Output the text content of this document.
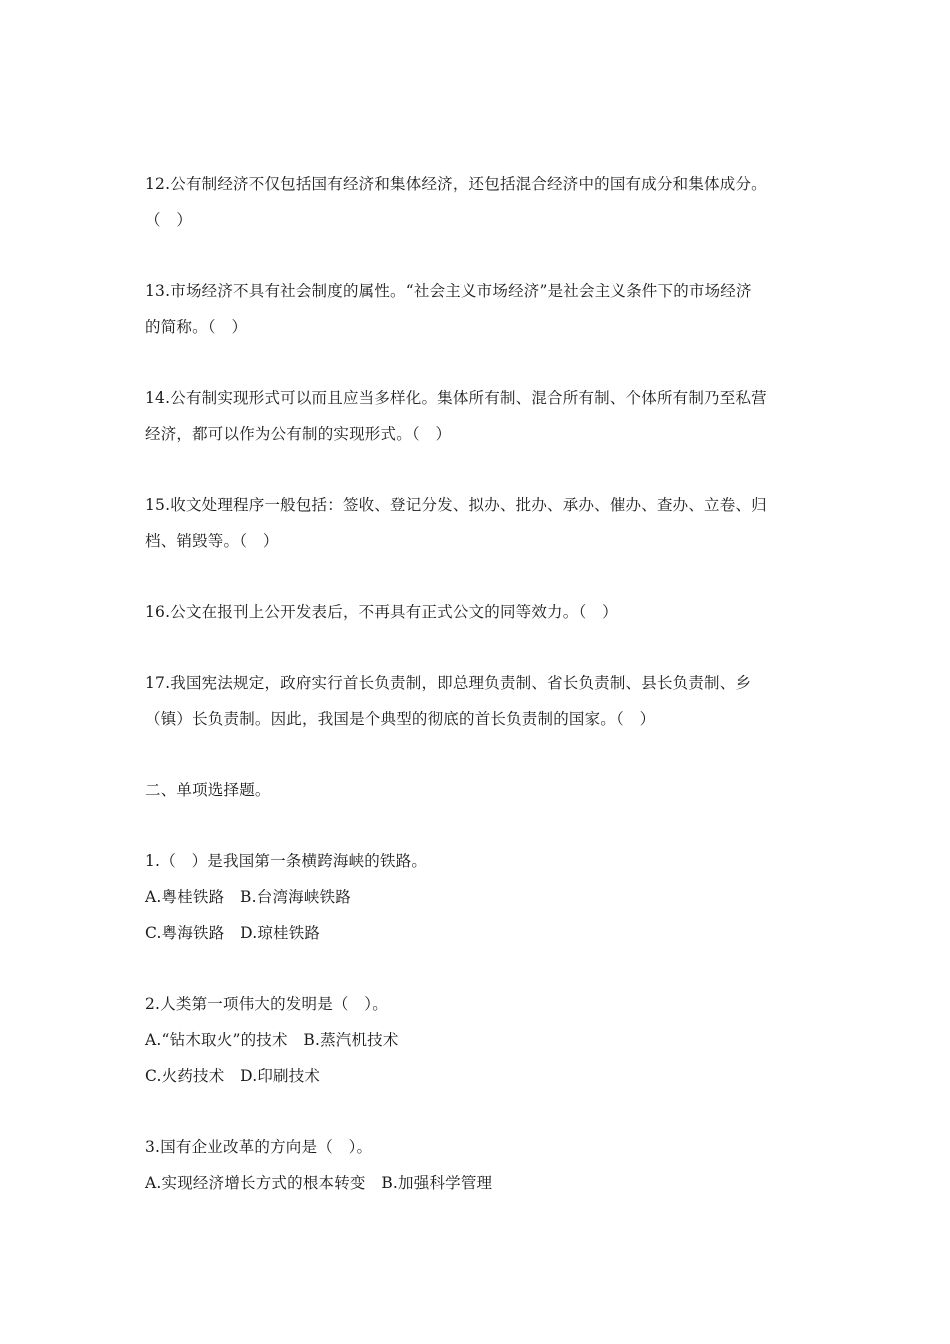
12.公有制经济不仅包括国有经济和集体经济，还包括混合经济中的国有成分和集体成分。
（　）
13.市场经济不具有社会制度的属性。“社会主义市场经济”是社会主义条件下的市场经济
的简称。（　）
14.公有制实现形式可以而且应当多样化。集体所有制、混合所有制、个体所有制乃至私营
经济，都可以作为公有制的实现形式。（　）
15.收文处理程序一般包括：签收、登记分发、拟办、批办、承办、催办、查办、立卷、归
档、销毁等。（　）
16.公文在报刊上公开发表后，不再具有正式公文的同等效力。（　）
17.我国宪法规定，政府实行首长负责制，即总理负责制、省长负责制、县长负责制、乡
（镇）长负责制。因此，我国是个典型的彻底的首长负责制的国家。（　）
二、单项选择题。
1.（　）是我国第一条横跨海峡的铁路。
A.粤桂铁路　B.台湾海峡铁路
C.粤海铁路　D.琼桂铁路
2.人类第一项伟大的发明是（　）。
A.“钻木取火”的技术　B.蒸汽机技术
C.火药技术　D.印刷技术
3.国有企业改革的方向是（　）。
A.实现经济增长方式的根本转变　B.加强科学管理
